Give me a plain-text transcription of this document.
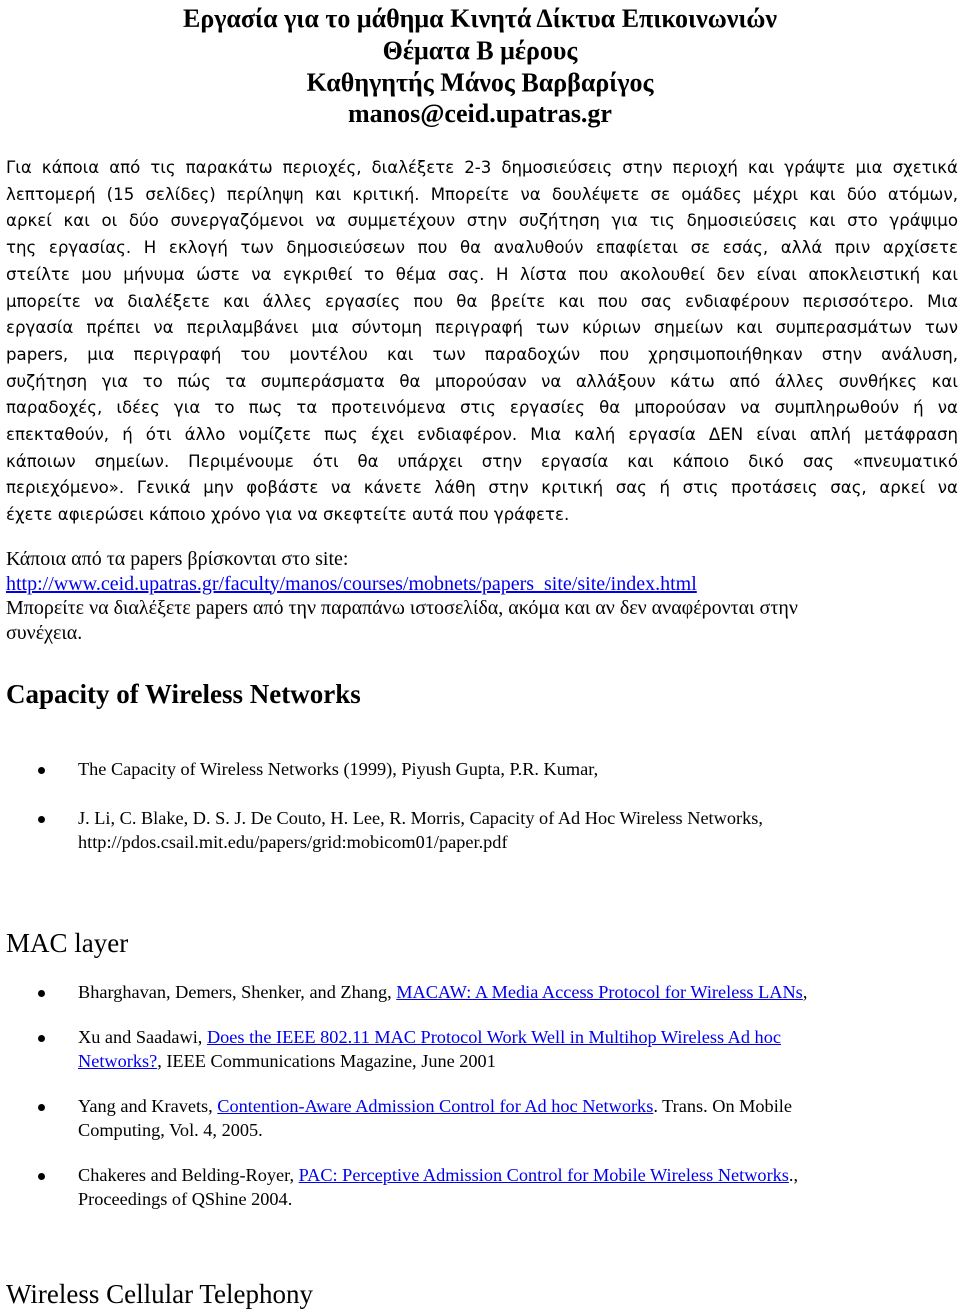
Εργασία για το μάθημα Κινητά Δίκτυα Επικοινωνιών
Θέματα Β μέρους
Καθηγητής Μάνος Βαρβαρίγος
manos@ceid.upatras.gr
Για κάποια από τις παρακάτω περιοχές, διαλέξετε 2-3 δημοσιεύσεις στην περιοχή και γράψτε μια σχετικά
λεπτομερή (15 σελίδες) περίληψη και κριτική. Μπορείτε να δουλέψετε σε ομάδες μέχρι και δύο ατόμων,
αρκεί και οι δύο συνεργαζόμενοι να συμμετέχουν στην συζήτηση για τις δημοσιεύσεις και στο γράψιμο
της εργασίας. Η εκλογή των δημοσιεύσεων που θα αναλυθούν επαφίεται σε εσάς, αλλά πριν αρχίσετε
στείλτε μου μήνυμα ώστε να εγκριθεί το θέμα σας. Η λίστα που ακολουθεί δεν είναι αποκλειστική και
μπορείτε να διαλέξετε και άλλες εργασίες που θα βρείτε και που σας ενδιαφέρουν περισσότερο. Μια
εργασία πρέπει να περιλαμβάνει μια σύντομη περιγραφή των κύριων σημείων και συμπερασμάτων των
papers, μια περιγραφή του μοντέλου και των παραδοχών που χρησιμοποιήθηκαν στην ανάλυση,
συζήτηση για το πώς τα συμπεράσματα θα μπορούσαν να αλλάξουν κάτω από άλλες συνθήκες και
παραδοχές, ιδέες για το πως τα προτεινόμενα στις εργασίες θα μπορούσαν να συμπληρωθούν ή να
επεκταθούν, ή ότι άλλο νομίζετε πως έχει ενδιαφέρον. Μια καλή εργασία ΔΕΝ είναι απλή μετάφραση
κάποιων σημείων. Περιμένουμε ότι θα υπάρχει στην εργασία και κάποιο δικό σας «πνευματικό
περιεχόμενο». Γενικά μην φοβάστε να κάνετε λάθη στην κριτική σας ή στις προτάσεις σας, αρκεί να
έχετε αφιερώσει κάποιο χρόνο για να σκεφτείτε αυτά που γράφετε.
Κάποια από τα papers βρίσκονται στο site:
http://www.ceid.upatras.gr/faculty/manos/courses/mobnets/papers_site/site/index.html
Μπορείτε να διαλέξετε papers από την παραπάνω ιστοσελίδα, ακόμα και αν δεν αναφέρονται στην
συνέχεια.
Capacity of Wireless Networks
The Capacity of Wireless Networks (1999), Piyush Gupta, P.R. Kumar,
J. Li, C. Blake, D. S. J. De Couto, H. Lee, R. Morris, Capacity of Ad Hoc Wireless Networks,
http://pdos.csail.mit.edu/papers/grid:mobicom01/paper.pdf
MAC layer
Bharghavan, Demers, Shenker, and Zhang, MACAW: A Media Access Protocol for Wireless LANs,
Xu and Saadawi, Does the IEEE 802.11 MAC Protocol Work Well in Multihop Wireless Ad hoc
Networks?, IEEE Communications Magazine, June 2001
Yang and Kravets, Contention-Aware Admission Control for Ad hoc Networks. Trans. On Mobile
Computing, Vol. 4, 2005.
Chakeres and Belding-Royer, PAC: Perceptive Admission Control for Mobile Wireless Networks.,
Proceedings of QShine 2004.
Wireless Cellular Telephony
